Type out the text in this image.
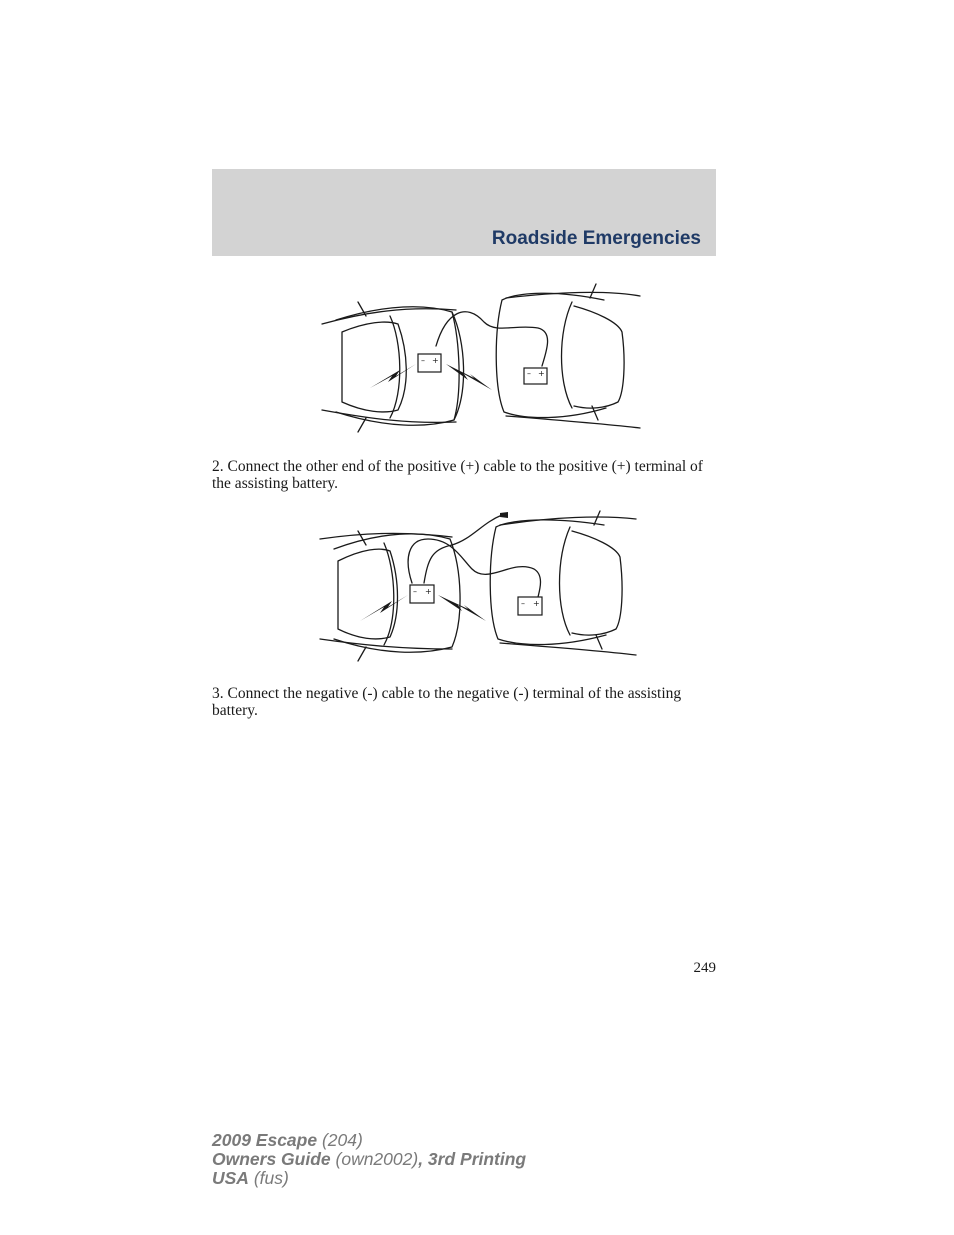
Roadside Emergencies
– +
– +
2. Connect the other end of the positive (+) cable to the positive (+) terminal of the assisting battery.
– +
– +
3. Connect the negative (-) cable to the negative (-) terminal of the assisting battery.
249
2009 Escape (204)
Owners Guide (own2002), 3rd Printing
USA (fus)
